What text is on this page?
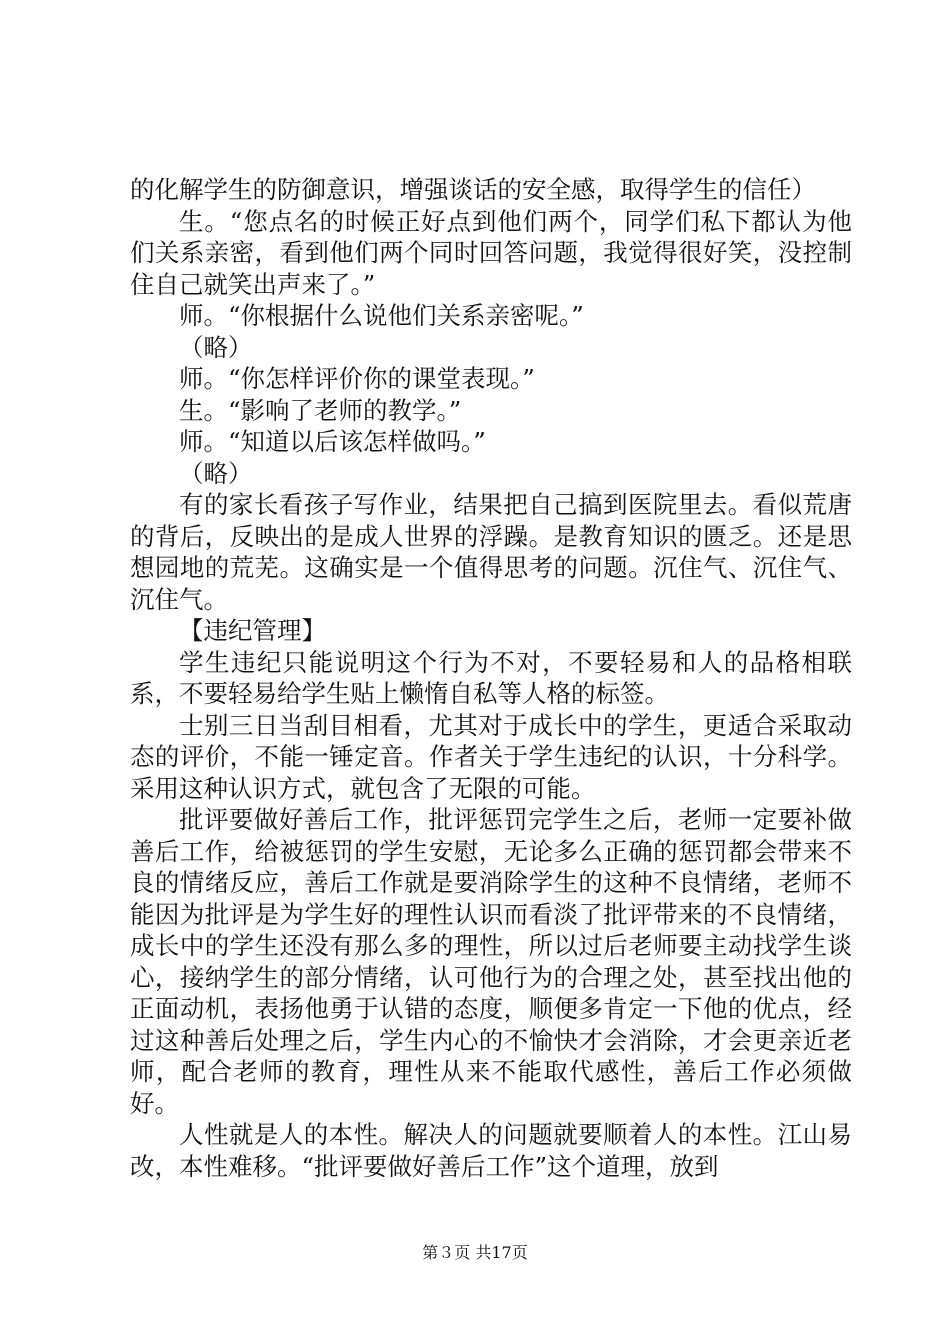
的化解学生的防御意识，增强谈话的安全感，取得学生的信任）

生。“您点名的时候正好点到他们两个，同学们私下都认为他们关系亲密，看到他们两个同时回答问题，我觉得很好笑，没控制住自己就笑出声来了。”

师。“你根据什么说他们关系亲密呢。”

（略）

师。“你怎样评价你的课堂表现。”

生。“影响了老师的教学。”

师。“知道以后该怎样做吗。”

（略）

有的家长看孩子写作业，结果把自己搞到医院里去。看似荒唐的背后，反映出的是成人世界的浮躁。是教育知识的匮乏。还是思想园地的荒芜。这确实是一个值得思考的问题。沉住气、沉住气、沉住气。

【违纪管理】

学生违纪只能说明这个行为不对，不要轻易和人的品格相联系，不要轻易给学生贴上懒惰自私等人格的标签。

士别三日当刮目相看，尤其对于成长中的学生，更适合采取动态的评价，不能一锤定音。作者关于学生违纪的认识，十分科学。采用这种认识方式，就包含了无限的可能。

批评要做好善后工作，批评惩罚完学生之后，老师一定要补做善后工作，给被惩罚的学生安慰，无论多么正确的惩罚都会带来不良的情绪反应，善后工作就是要消除学生的这种不良情绪，老师不能因为批评是为学生好的理性认识而看淡了批评带来的不良情绪，成长中的学生还没有那么多的理性，所以过后老师要主动找学生谈心，接纳学生的部分情绪，认可他行为的合理之处，甚至找出他的正面动机，表扬他勇于认错的态度，顺便多肯定一下他的优点，经过这种善后处理之后，学生内心的不愉快才会消除，才会更亲近老师，配合老师的教育，理性从来不能取代感性，善后工作必须做好。

人性就是人的本性。解决人的问题就要顺着人的本性。江山易改，本性难移。“批评要做好善后工作”这个道理，放到

第３页 共17页
